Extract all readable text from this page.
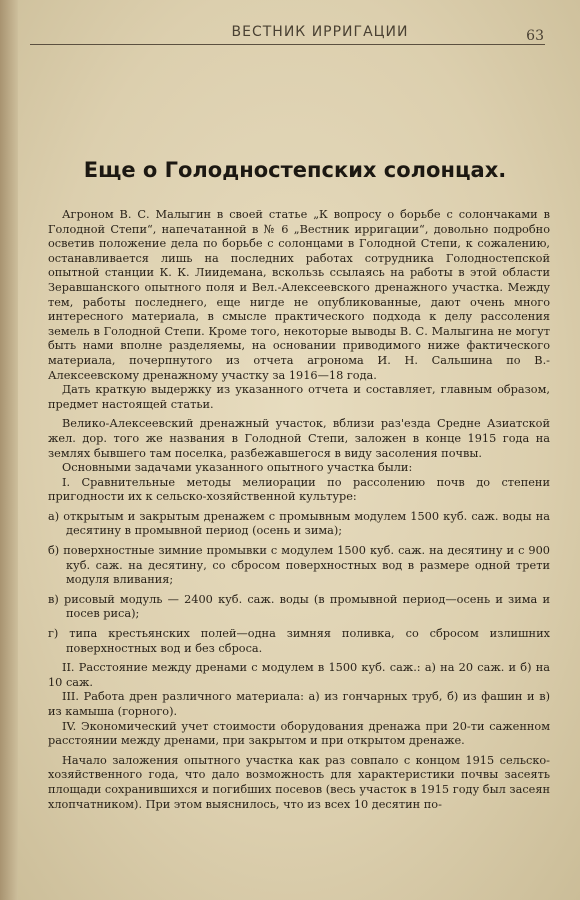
ВЕСТНИК ИРРИГАЦИИ	63
Еще о Голодностепских солонцах.

Агроном В. С. Малыгин в своей статье „К вопросу о борьбе с солончаками в Голодной Степи“, напечатанной в № 6 „Вестник ирригации“, довольно подробно осветив положение дела по борьбе с солонцами в Голодной Степи, к сожалению, останавливается лишь на последних работах сотрудника Голодностепской опытной станции К. К. Лиидемана, вскользь ссылаясь на работы в этой области Зеравшанского опытного поля и Вел.-Алексеевского дренажного участка. Между тем, работы последнего, еще нигде не опубликованные, дают очень много интересного материала, в смысле практического подхода к делу рассоления земель в Голодной Степи. Кроме того, некоторые выводы В. С. Малыгина не могут быть нами вполне разделяемы, на основании приводимого ниже фактического материала, почерпнутого из отчета агронома И. Н. Сальшина по В.-Алексеевскому дренажному участку за 1916—18 года.

Дать краткую выдержку из указанного отчета и составляет, главным образом, предмет настоящей статьи.

Велико-Алексеевский дренажный участок, вблизи раз'езда Средне Азиатской жел. дор. того же названия в Голодной Степи, заложен в конце 1915 года на землях бывшего там поселка, разбежавшегося в виду засоления почвы.

Основными задачами указанного опытного участка были:

I. Сравнительные методы мелиорации по рассолению почв до степени пригодности их к сельско-хозяйственной культуре:

а) открытым и закрытым дренажем с промывным модулем 1500 куб. саж. воды на десятину в промывной период (осень и зима);

б) поверхностные зимние промывки с модулем 1500 куб. саж. на десятину и с 900 куб. саж. на десятину, со сбросом поверхностных вод в размере одной трети модуля вливания;

в) рисовый модуль — 2400 куб. саж. воды (в промывной период—осень и зима и посев риса);

г) типа крестьянских полей—одна зимняя поливка, со сбросом излишних поверхностных вод и без сброса.

II. Расстояние между дренами с модулем в 1500 куб. саж.: а) на 20 саж. и б) на 10 саж.

III. Работа дрен различного материала: а) из гончарных труб, б) из фашин и в) из камыша (горного).

IV. Экономический учет стоимости оборудования дренажа при 20-ти саженном расстоянии между дренами, при закрытом и при открытом дренаже.

Начало заложения опытного участка как раз совпало с концом 1915 сельско-хозяйственного года, что дало возможность для характеристики почвы засеять площади сохранившихся и погибших посевов (весь участок в 1915 году был засеян хлопчатником). При этом выяснилось, что из всех 10 десятин по-
